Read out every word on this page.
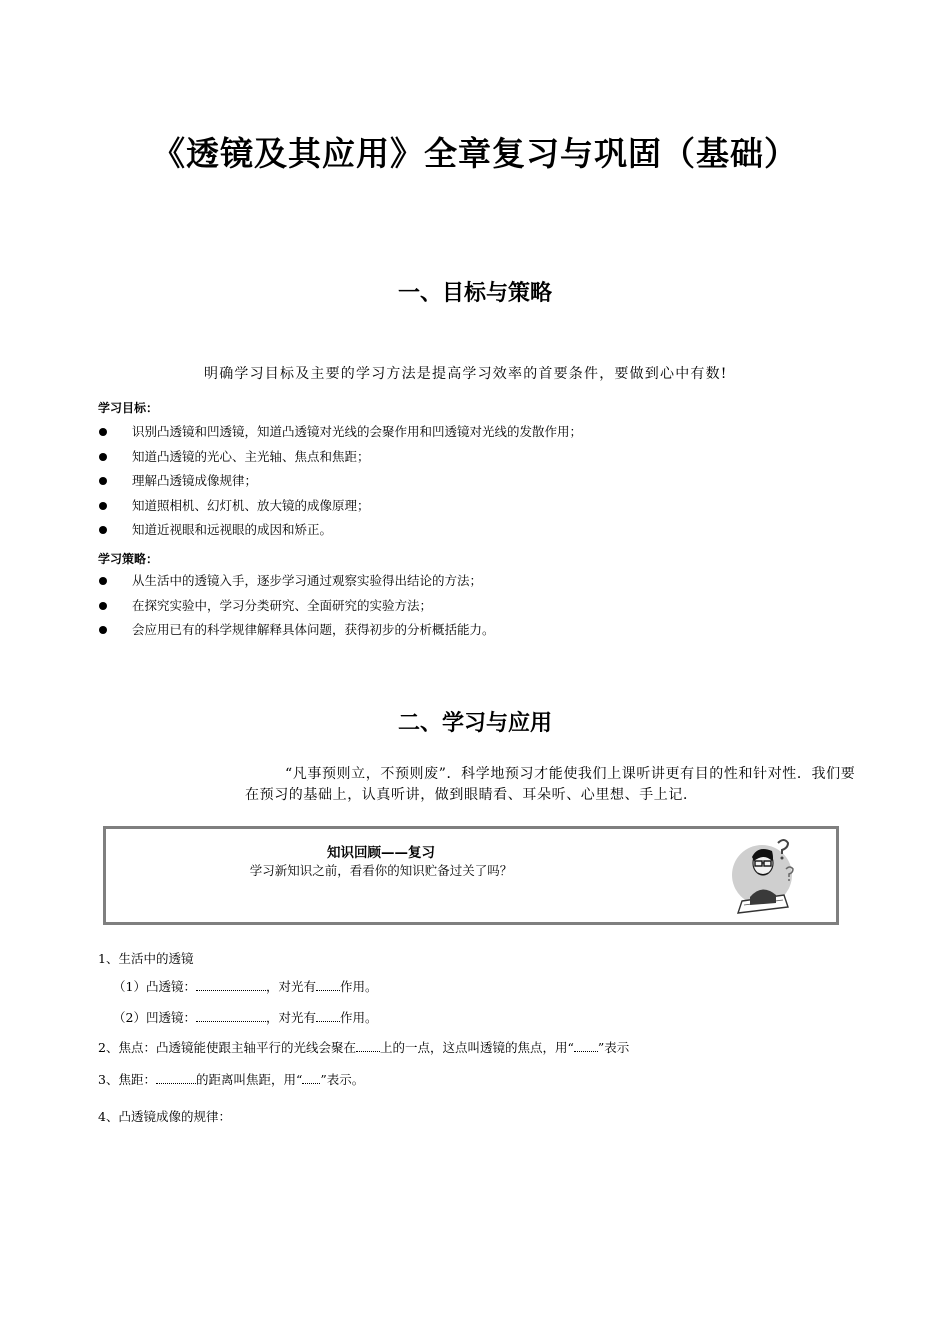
《透镜及其应用》全章复习与巩固（基础）
一、目标与策略
明确学习目标及主要的学习方法是提高学习效率的首要条件，要做到心中有数!
学习目标：
识别凸透镜和凹透镜，知道凸透镜对光线的会聚作用和凹透镜对光线的发散作用；
知道凸透镜的光心、主光轴、焦点和焦距；
理解凸透镜成像规律；
知道照相机、幻灯机、放大镜的成像原理；
知道近视眼和远视眼的成因和矫正。
学习策略：
从生活中的透镜入手，逐步学习通过观察实验得出结论的方法；
在探究实验中，学习分类研究、全面研究的实验方法；
会应用已有的科学规律解释具体问题，获得初步的分析概括能力。
二、学习与应用
“凡事预则立，不预则废”．科学地预习才能使我们上课听讲更有目的性和针对性．我们要在预习的基础上，认真听讲，做到眼睛看、耳朵听、心里想、手上记．
知识回顾——复习
学习新知识之前，看看你的知识贮备过关了吗？
1、生活中的透镜
（1）凸透镜：	，对光有 作用。
（2）凹透镜：	，对光有 作用。
2、焦点：凸透镜能使跟主轴平行的光线会聚在 上的一点，这点叫透镜的焦点，用“ ”表示
3、焦距：	的距离叫焦距，用“ ”表示。
4、凸透镜成像的规律：
